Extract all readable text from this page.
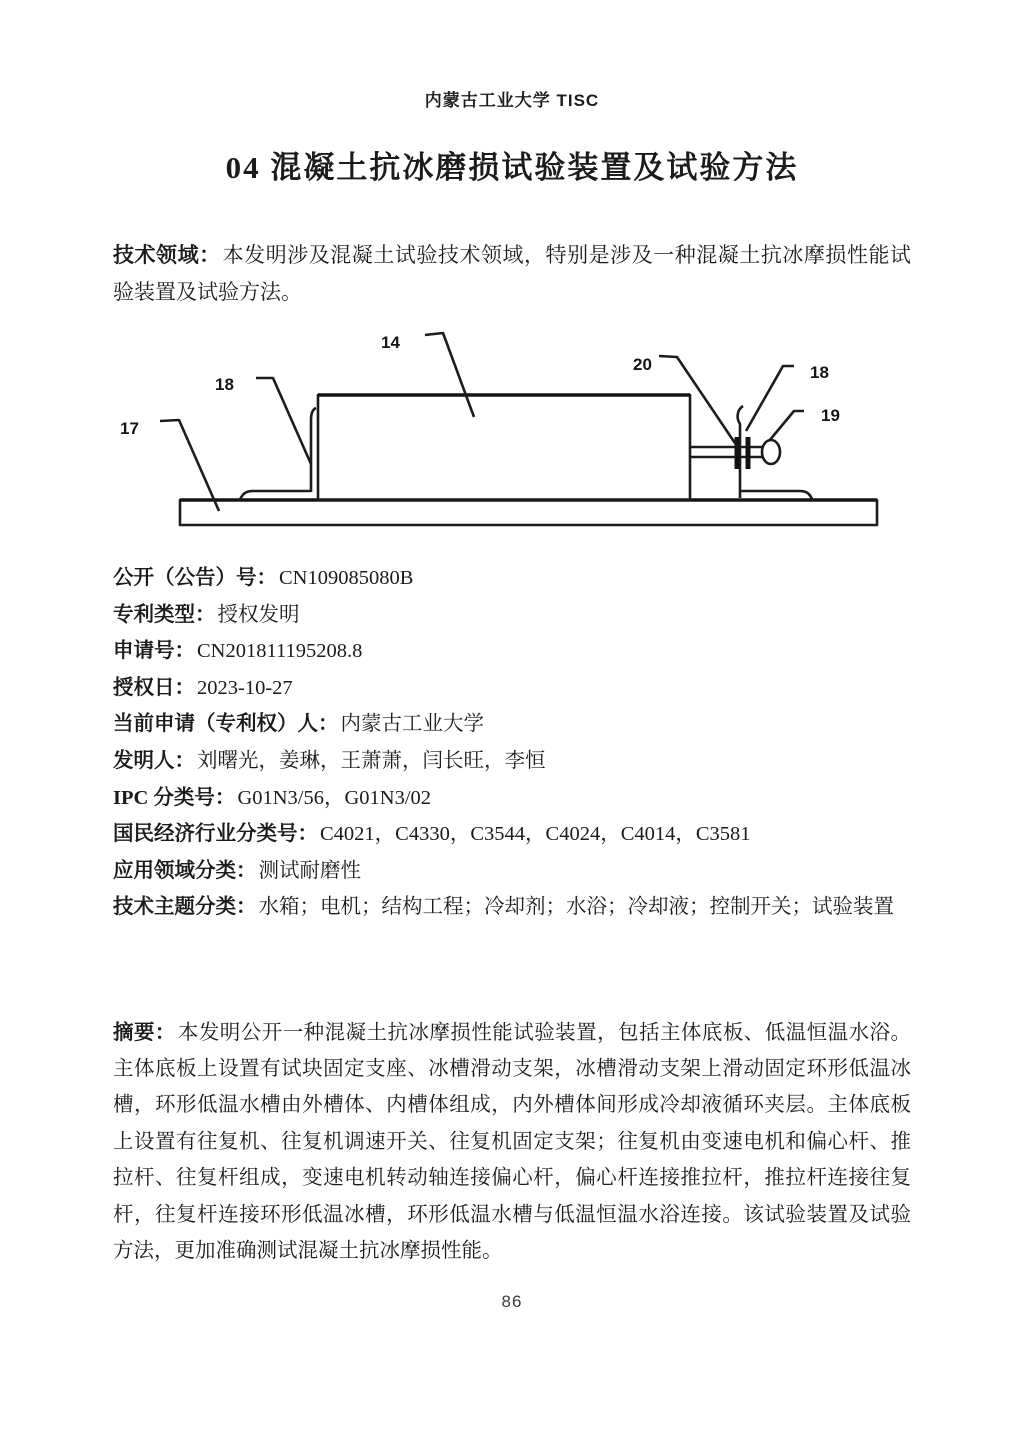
内蒙古工业大学 TISC
04 混凝土抗冰磨损试验装置及试验方法

技术领域：本发明涉及混凝土试验技术领域，特别是涉及一种混凝土抗冰摩损性能试验装置及试验方法。

14
17
18
20	18
19
公开（公告）号：CN109085080B
专利类型：授权发明
申请号：CN201811195208.8
授权日：2023-10-27
当前申请（专利权）人：内蒙古工业大学
发明人：刘曙光，姜琳，王萧萧，闫长旺，李恒
IPC 分类号：G01N3/56，G01N3/02
国民经济行业分类号：C4021，C4330，C3544，C4024，C4014，C3581
应用领域分类：测试耐磨性
技术主题分类：水箱；电机；结构工程；冷却剂；水浴；冷却液；控制开关；试验装置

摘要：本发明公开一种混凝土抗冰摩损性能试验装置，包括主体底板、低温恒温水浴。主体底板上设置有试块固定支座、冰槽滑动支架，冰槽滑动支架上滑动固定环形低温冰槽，环形低温水槽由外槽体、内槽体组成，内外槽体间形成冷却液循环夹层。主体底板上设置有往复机、往复机调速开关、往复机固定支架；往复机由变速电机和偏心杆、推拉杆、往复杆组成，变速电机转动轴连接偏心杆，偏心杆连接推拉杆，推拉杆连接往复杆，往复杆连接环形低温冰槽，环形低温水槽与低温恒温水浴连接。该试验装置及试验方法，更加准确测试混凝土抗冰摩损性能。

86
